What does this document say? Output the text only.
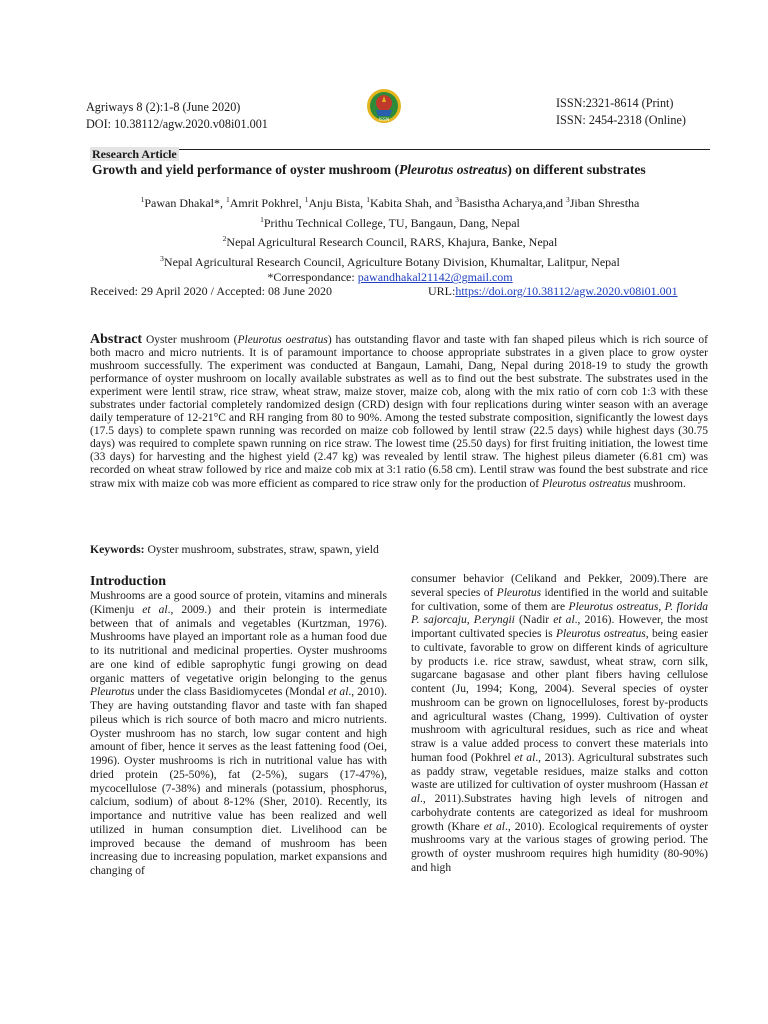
Agriways 8 (2):1-8 (June 2020)
DOI: 10.38112/agw.2020.v08i01.001	ISSN
ISSN:2321-8614 (Print)
ISSN: 2454-2318 (Online)
Research Article
Growth and yield performance of oyster mushroom (Pleurotus ostreatus) on different substrates
$^1$Pawan Dhakal*, $^1$Amrit Pokhrel, $^1$Anju Bista, $^1$Kabita Shah, and $^3$Basistha Acharya,and $^3$Jiban Shrestha
$^1$Prithu Technical College, TU, Bangaun, Dang, Nepal
$^2$Nepal Agricultural Research Council, RARS, Khajura, Banke, Nepal
$^3$Nepal Agricultural Research Council, Agriculture Botany Division, Khumaltar, Lalitpur, Nepal
*Correspondance: pawandhakal21142@gmail.com
Received: 29 April 2020 / Accepted: 08 June 2020	URL:https://doi.org/10.38112/agw.2020.v08i01.001
Abstract Oyster mushroom (Pleurotus oestratus) has outstanding flavor and taste with fan shaped pileus which is rich source of both macro and micro nutrients. It is of paramount importance to choose appropriate substrates in a given place to grow oyster mushroom successfully. The experiment was conducted at Bangaun, Lamahi, Dang, Nepal during 2018-19 to study the growth performance of oyster mushroom on locally available substrates as well as to find out the best substrate. The substrates used in the experiment were lentil straw, rice straw, wheat straw, maize stover, maize cob, along with the mix ratio of corn cob 1:3 with these substrates under factorial completely randomized design (CRD) design with four replications during winter season with an average daily temperature of 12-21°C and RH ranging from 80 to 90%. Among the tested substrate composition, significantly the lowest days (17.5 days) to complete spawn running was recorded on maize cob followed by lentil straw (22.5 days) while highest days (30.75 days) was required to complete spawn running on rice straw. The lowest time (25.50 days) for first fruiting initiation, the lowest time (33 days) for harvesting and the highest yield (2.47 kg) was revealed by lentil straw. The highest pileus diameter (6.81 cm) was recorded on wheat straw followed by rice and maize cob mix at 3:1 ratio (6.58 cm). Lentil straw was found the best substrate and rice straw mix with maize cob was more efficient as compared to rice straw only for the production of Pleurotus ostreatus mushroom.
Keywords: Oyster mushroom, substrates, straw, spawn, yield
Introduction
Mushrooms are a good source of protein, vitamins and minerals (Kimenju et al., 2009.) and their protein is intermediate between that of animals and vegetables (Kurtzman, 1976). Mushrooms have played an important role as a human food due to its nutritional and medicinal properties. Oyster mushrooms are one kind of edible saprophytic fungi growing on dead organic matters of vegetative origin belonging to the genus Pleurotus under the class Basidiomycetes (Mondal et al., 2010). They are having outstanding flavor and taste with fan shaped pileus which is rich source of both macro and micro nutrients. Oyster mushroom has no starch, low sugar content and high amount of fiber, hence it serves as the least fattening food (Oei, 1996). Oyster mushrooms is rich in nutritional value has with dried protein (25-50%), fat (2-5%), sugars (17-47%), mycocellulose (7-38%) and minerals (potassium, phosphorus, calcium, sodium) of about 8-12% (Sher, 2010). Recently, its importance and nutritive value has been realized and well utilized in human consumption diet. Livelihood can be improved because the demand of mushroom has been increasing due to increasing population, market expansions and changing of
consumer behavior (Celikand and Pekker, 2009).There are several species of Pleurotus identified in the world and suitable for cultivation, some of them are Pleurotus ostreatus, P. florida P. sajorcaju, P.eryngii (Nadir et al., 2016). However, the most important cultivated species is Pleurotus ostreatus, being easier to cultivate, favorable to grow on different kinds of agriculture by products i.e. rice straw, sawdust, wheat straw, corn silk, sugarcane bagasase and other plant fibers having cellulose content (Ju, 1994; Kong, 2004). Several species of oyster mushroom can be grown on lignocelluloses, forest by-products and agricultural wastes (Chang, 1999). Cultivation of oyster mushroom with agricultural residues, such as rice and wheat straw is a value added process to convert these materials into human food (Pokhrel et al., 2013). Agricultural substrates such as paddy straw, vegetable residues, maize stalks and cotton waste are utilized for cultivation of oyster mushroom (Hassan et al., 2011).Substrates having high levels of nitrogen and carbohydrate contents are categorized as ideal for mushroom growth (Khare et al., 2010). Ecological requirements of oyster mushrooms vary at the various stages of growing period. The growth of oyster mushroom requires high humidity (80-90%) and high
